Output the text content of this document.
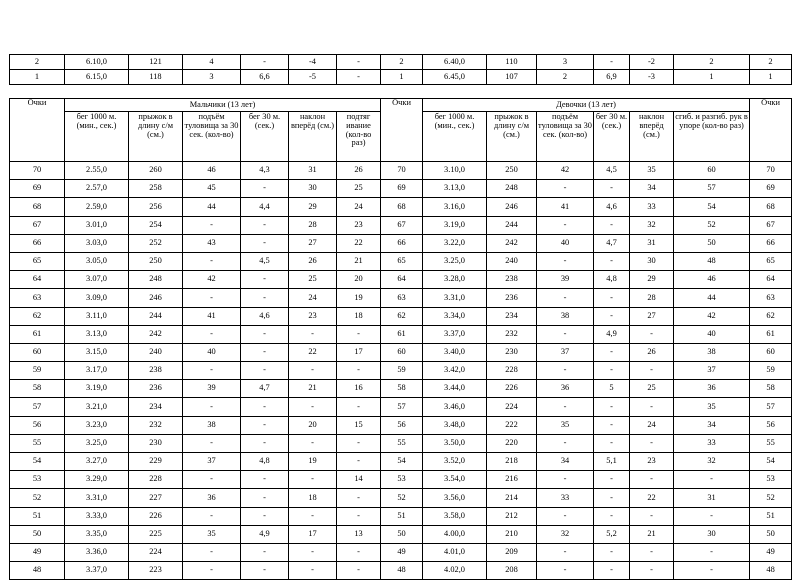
2	6.10,0	121	4	-	-4	-	2	6.40,0	110	3	-	-2	2	2
1	6.15,0	118	3	6,6	-5	-	1	6.45,0	107	2	6,9	-3	1	1
Очки	Мальчики (13 лет)						Очки	Девочки (13 лет)						Очки
	бег 1000 м. (мин., сек.)	прыжок в длину с/м (см.)	подъём туловища за 30 сек. (кол-во)	бег 30 м. (сек.)	наклон вперёд (см.)	подтяг ивание (кол-во раз)		бег 1000 м. (мин., сек.)	прыжок в длину с/м (см.)	подъём туловища за 30 сек. (кол-во)	бег 30 м. (сек.)	наклон вперёд (см.)	сгиб. и разгиб. рук в упоре (кол-во раз)	
70	2.55,0	260	46	4,3	31	26	70	3.10,0	250	42	4,5	35	60	70
69	2.57,0	258	45	-	30	25	69	3.13,0	248	-	-	34	57	69
68	2.59,0	256	44	4,4	29	24	68	3.16,0	246	41	4,6	33	54	68
67	3.01,0	254	-	-	28	23	67	3.19,0	244	-	-	32	52	67
66	3.03,0	252	43	-	27	22	66	3.22,0	242	40	4,7	31	50	66
65	3.05,0	250	-	4,5	26	21	65	3.25,0	240	-	-	30	48	65
64	3.07,0	248	42	-	25	20	64	3.28,0	238	39	4,8	29	46	64
63	3.09,0	246	-	-	24	19	63	3.31,0	236	-	-	28	44	63
62	3.11,0	244	41	4,6	23	18	62	3.34,0	234	38	-	27	42	62
61	3.13,0	242	-	-	-	-	61	3.37,0	232	-	4,9	-	40	61
60	3.15,0	240	40	-	22	17	60	3.40,0	230	37	-	26	38	60
59	3.17,0	238	-	-	-	-	59	3.42,0	228	-	-	-	37	59
58	3.19,0	236	39	4,7	21	16	58	3.44,0	226	36	5	25	36	58
57	3.21,0	234	-	-	-	-	57	3.46,0	224	-	-	-	35	57
56	3.23,0	232	38	-	20	15	56	3.48,0	222	35	-	24	34	56
55	3.25,0	230	-	-	-	-	55	3.50,0	220	-	-	-	33	55
54	3.27,0	229	37	4,8	19	-	54	3.52,0	218	34	5,1	23	32	54
53	3.29,0	228	-	-	-	14	53	3.54,0	216	-	-	-	-	53
52	3.31,0	227	36	-	18	-	52	3.56,0	214	33	-	22	31	52
51	3.33,0	226	-	-	-	-	51	3.58,0	212	-	-	-	-	51
50	3.35,0	225	35	4,9	17	13	50	4.00,0	210	32	5,2	21	30	50
49	3.36,0	224	-	-	-	-	49	4.01,0	209	-	-	-	-	49
48	3.37,0	223	-	-	-	-	48	4.02,0	208	-	-	-	-	48
